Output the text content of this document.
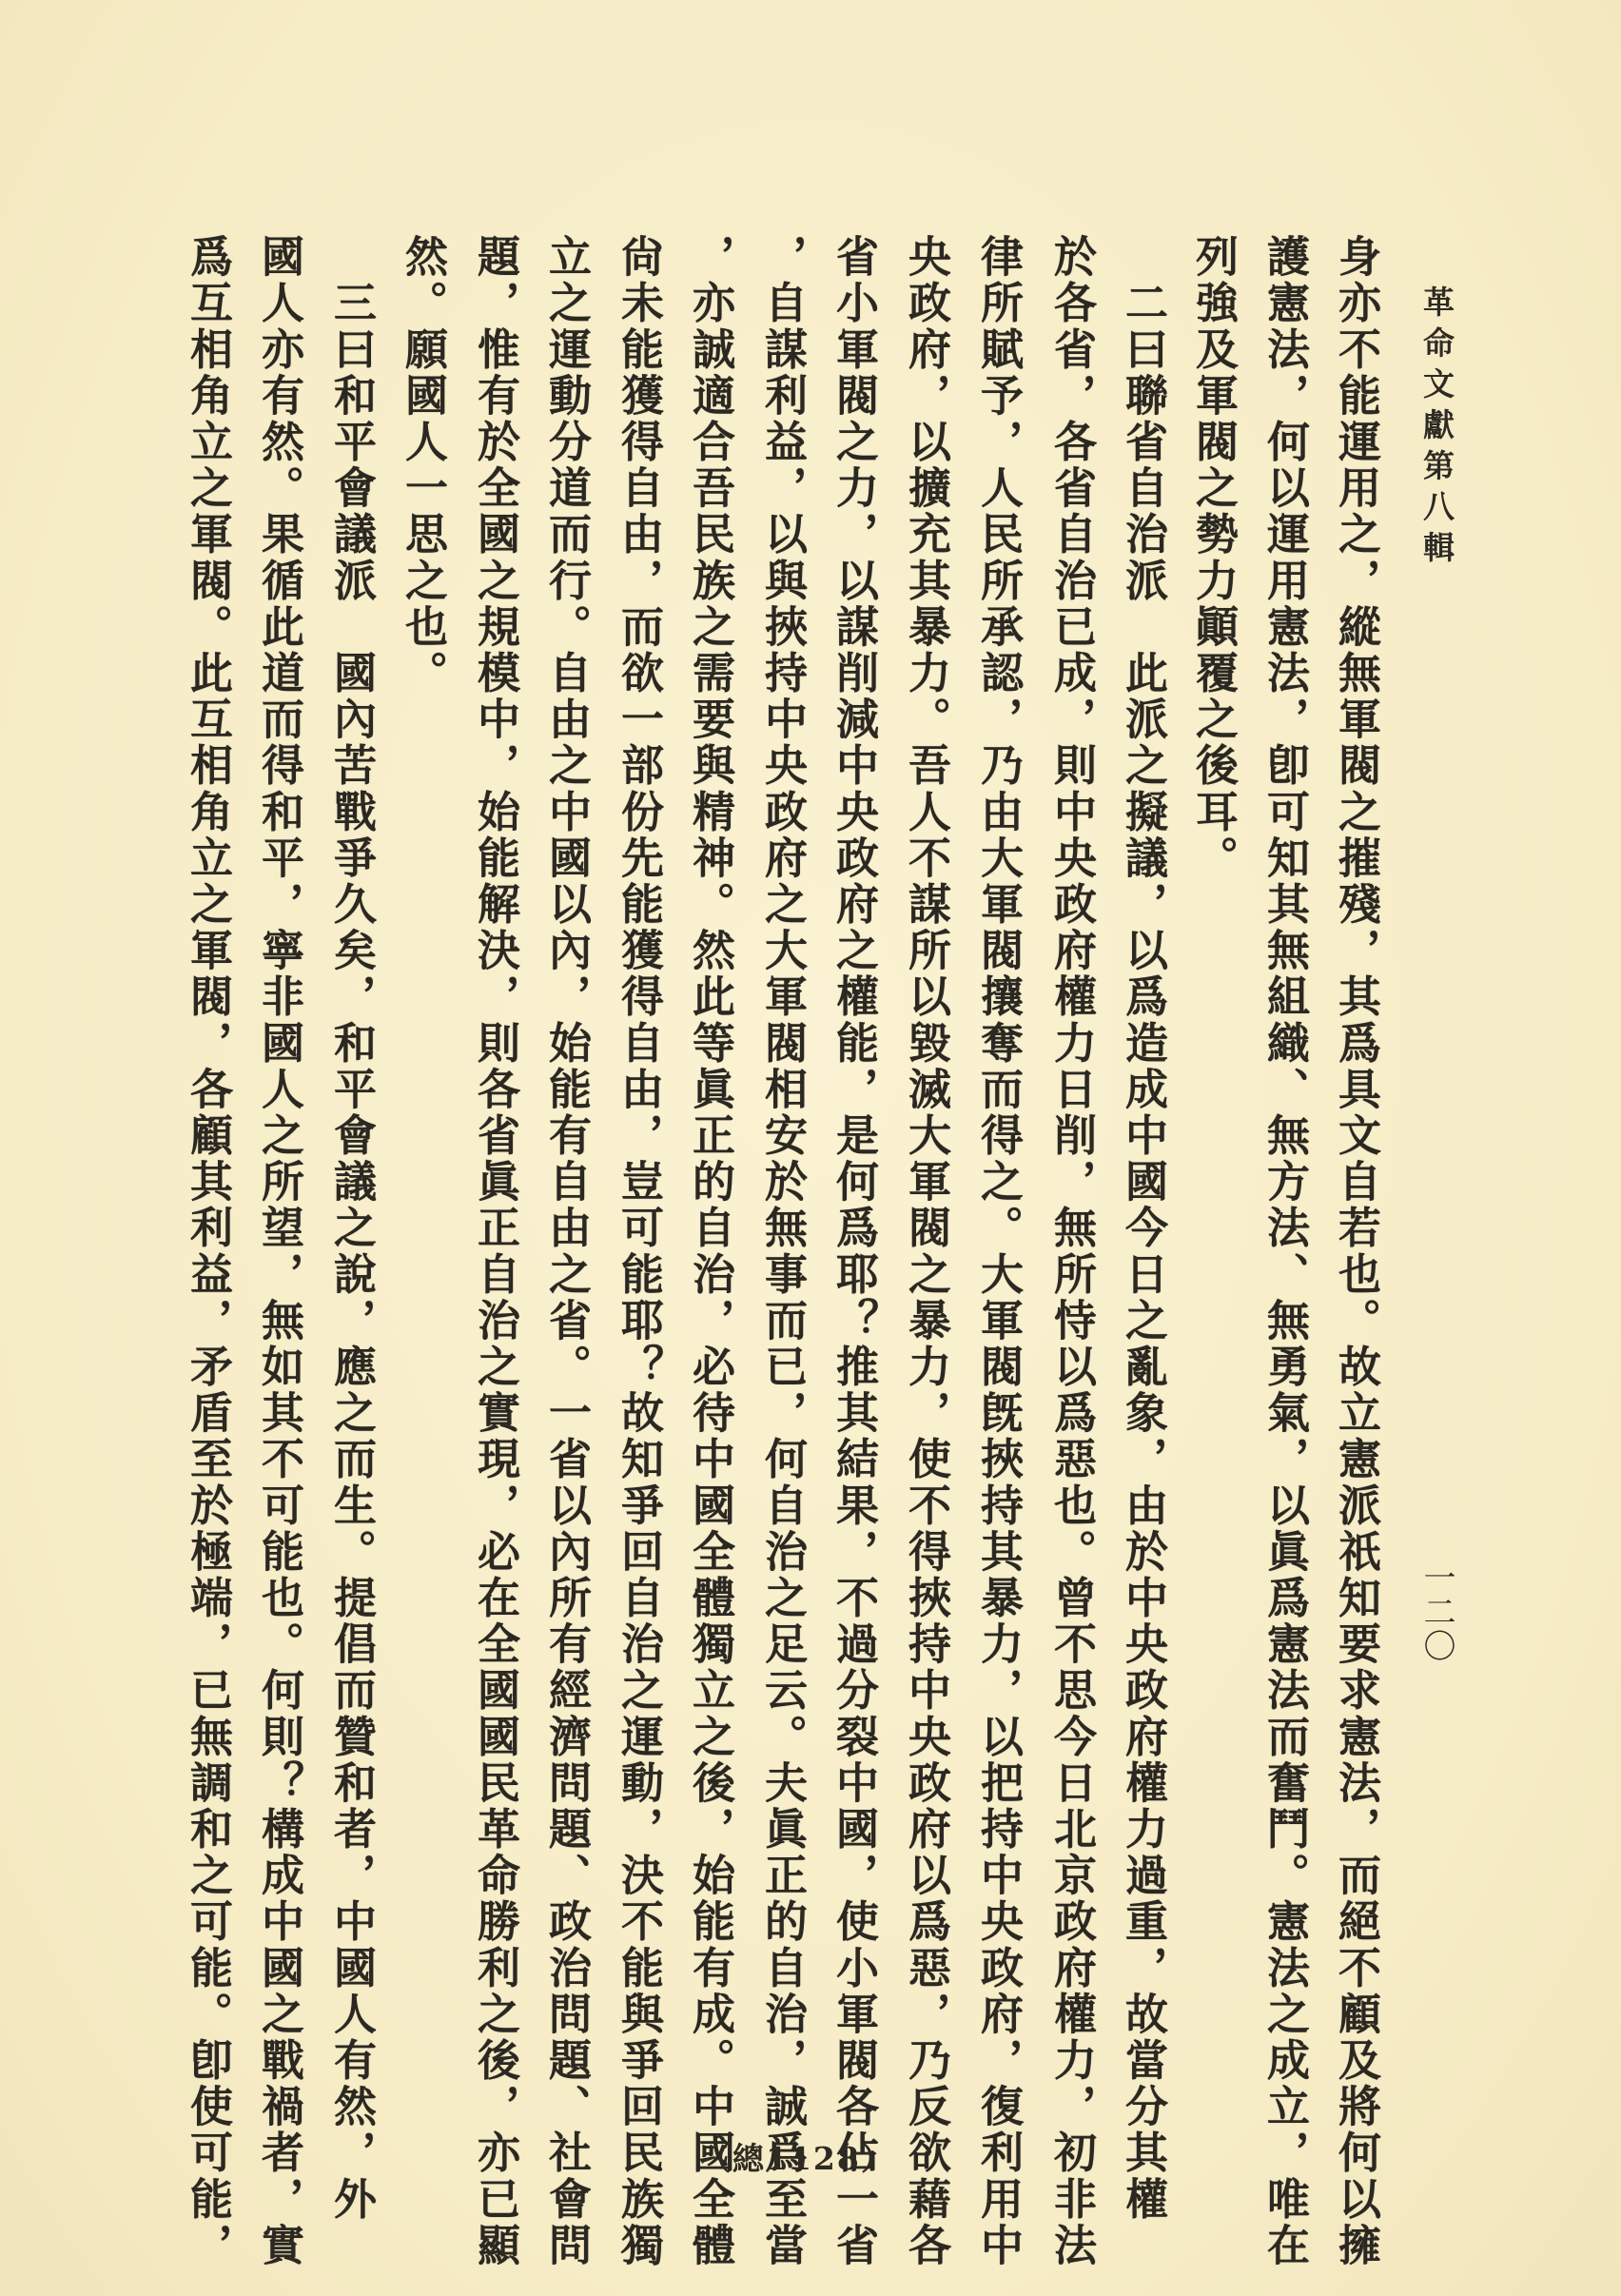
革命文獻第八輯
一二〇
身亦不能運用之，縱無軍閥之摧殘，其爲具文自若也。故立憲派祇知要求憲法，而絕不顧及將何以擁
護憲法，何以運用憲法，卽可知其無組織、無方法、無勇氣，以眞爲憲法而奮鬥。憲法之成立，唯在
列強及軍閥之勢力顚覆之後耳。
　二曰聯省自治派　此派之擬議，以爲造成中國今日之亂象，由於中央政府權力過重，故當分其權
於各省，各省自治已成，則中央政府權力日削，無所恃以爲惡也。曾不思今日北京政府權力，初非法
律所賦予，人民所承認，乃由大軍閥攘奪而得之。大軍閥旣挾持其暴力，以把持中央政府，復利用中
央政府，以擴充其暴力。吾人不謀所以毀滅大軍閥之暴力，使不得挾持中央政府以爲惡，乃反欲藉各
省小軍閥之力，以謀削減中央政府之權能，是何爲耶？推其結果，不過分裂中國，使小軍閥各佔一省
，自謀利益，以與挾持中央政府之大軍閥相安於無事而已，何自治之足云。夫眞正的自治，誠爲至當
，亦誠適合吾民族之需要與精神。然此等眞正的自治，必待中國全體獨立之後，始能有成。中國全體
尙未能獲得自由，而欲一部份先能獲得自由，豈可能耶？故知爭回自治之運動，決不能與爭回民族獨
立之運動分道而行。自由之中國以內，始能有自由之省。一省以內所有經濟問題、政治問題、社會問
題，惟有於全國之規模中，始能解決，則各省眞正自治之實現，必在全國國民革命勝利之後，亦已顯
然。願國人一思之也。
　三曰和平會議派　國內苦戰爭久矣，和平會議之說，應之而生。提倡而贊和者，中國人有然，外
國人亦有然。果循此道而得和平，寧非國人之所望，無如其不可能也。何則？構成中國之戰禍者，實
爲互相角立之軍閥。此互相角立之軍閥，各顧其利益，矛盾至於極端，已無調和之可能。卽使可能，	（總1128）
